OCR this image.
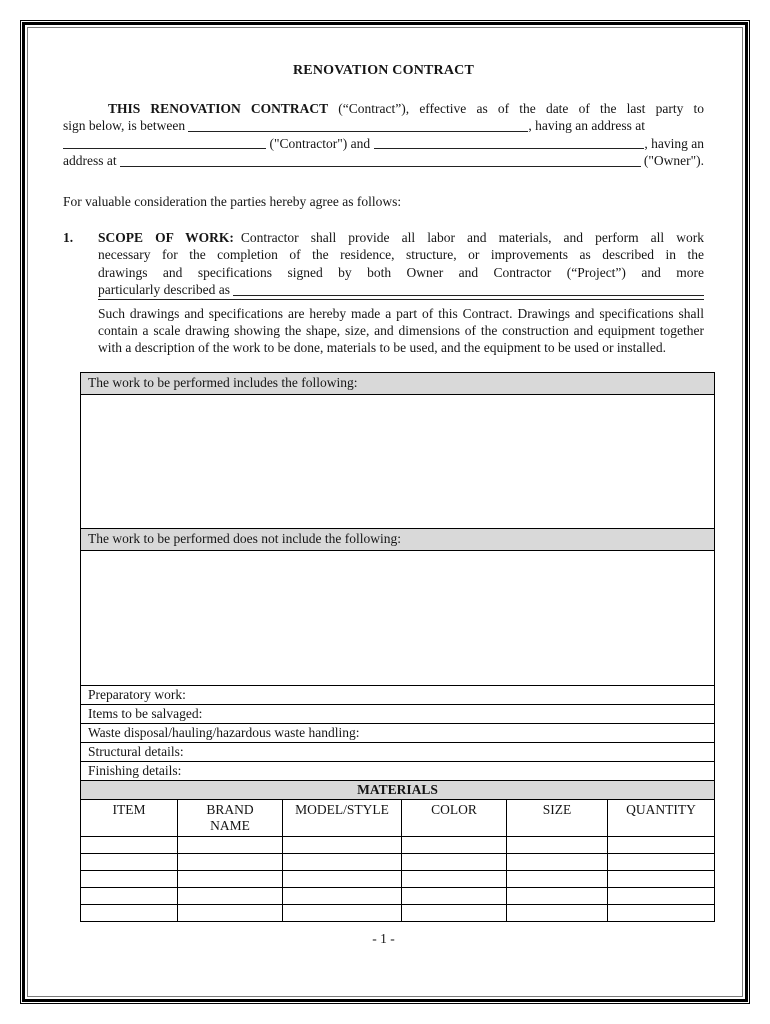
RENOVATION CONTRACT
THIS RENOVATION CONTRACT (“Contract”), effective as of the date of the last party to
sign below, is between	, having an address at
("Contractor") and	, having an
address at	("Owner").
For valuable consideration the parties hereby agree as follows:
1.	SCOPE OF WORK: Contractor shall provide all labor and materials, and perform all work
necessary for the completion of the residence, structure, or improvements as described in the
drawings and specifications signed by both Owner and Contractor (“Project”) and more
particularly described as

Such drawings and specifications are hereby made a part of this Contract. Drawings and specifications shall contain a scale drawing showing the shape, size, and dimensions of the construction and equipment together with a description of the work to be done, materials to be used, and the equipment to be used or installed.

The work to be performed includes the following:					

The work to be performed does not include the following:					

Preparatory work:					
Items to be salvaged:					
Waste disposal/hauling/hazardous waste handling:					
Structural details:					
Finishing details:					
MATERIALS					
ITEM	BRAND NAME	MODEL/STYLE	COLOR	SIZE	QUANTITY

- 1 -
